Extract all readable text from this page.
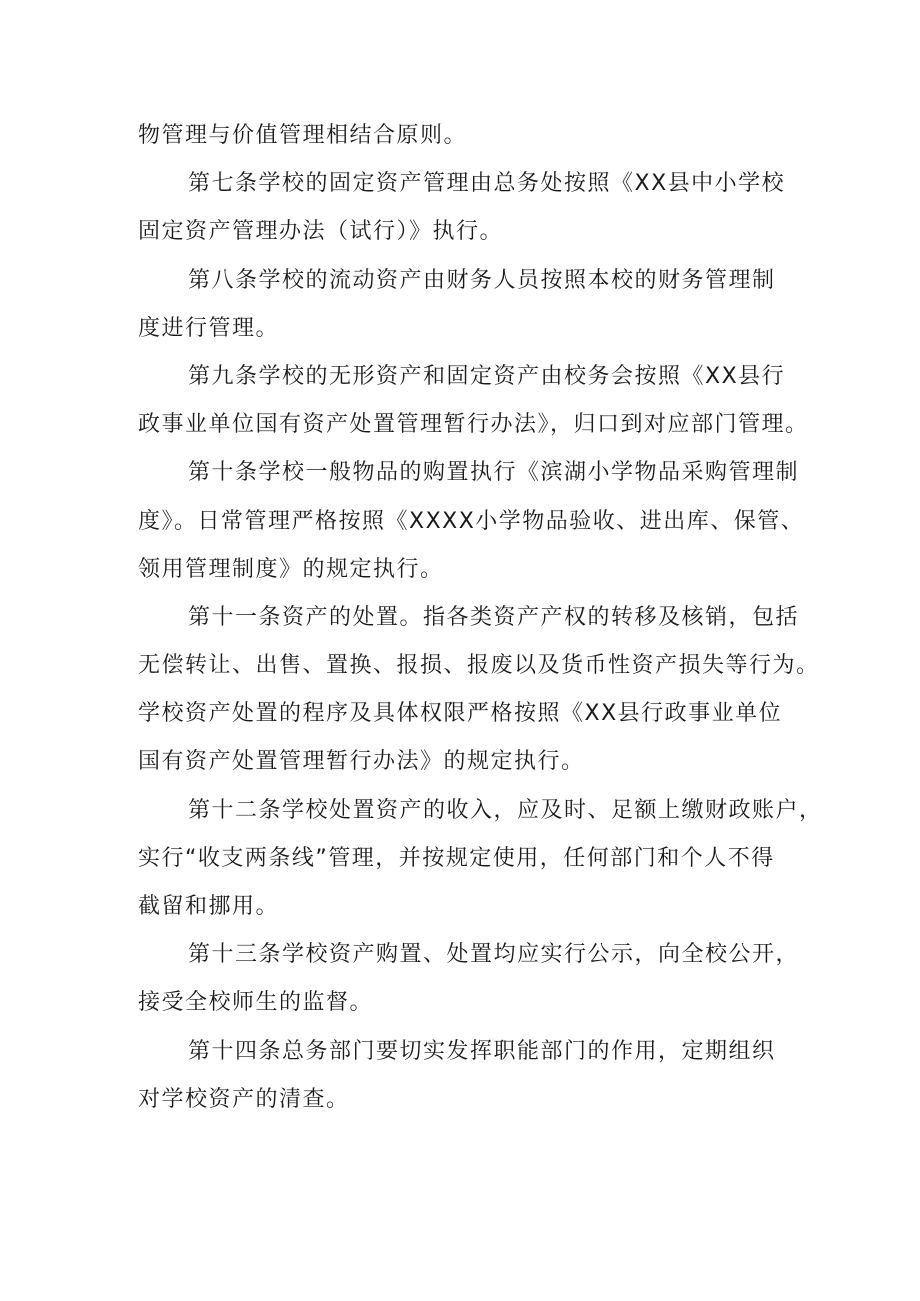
物管理与价值管理相结合原则。
第七条学校的固定资产管理由总务处按照《XX县中小学校
固定资产管理办法（试行）》执行。
第八条学校的流动资产由财务人员按照本校的财务管理制
度进行管理。
第九条学校的无形资产和固定资产由校务会按照《XX县行
政事业单位国有资产处置管理暂行办法》，归口到对应部门管理。
第十条学校一般物品的购置执行《滨湖小学物品采购管理制
度》。日常管理严格按照《XXXX小学物品验收、进出库、保管、
领用管理制度》的规定执行。
第十一条资产的处置。指各类资产产权的转移及核销，包括
无偿转让、出售、置换、报损、报废以及货币性资产损失等行为。
学校资产处置的程序及具体权限严格按照《XX县行政事业单位
国有资产处置管理暂行办法》的规定执行。
第十二条学校处置资产的收入，应及时、足额上缴财政账户，
实行“收支两条线”管理，并按规定使用，任何部门和个人不得
截留和挪用。
第十三条学校资产购置、处置均应实行公示，向全校公开，
接受全校师生的监督。
第十四条总务部门要切实发挥职能部门的作用，定期组织
对学校资产的清查。
